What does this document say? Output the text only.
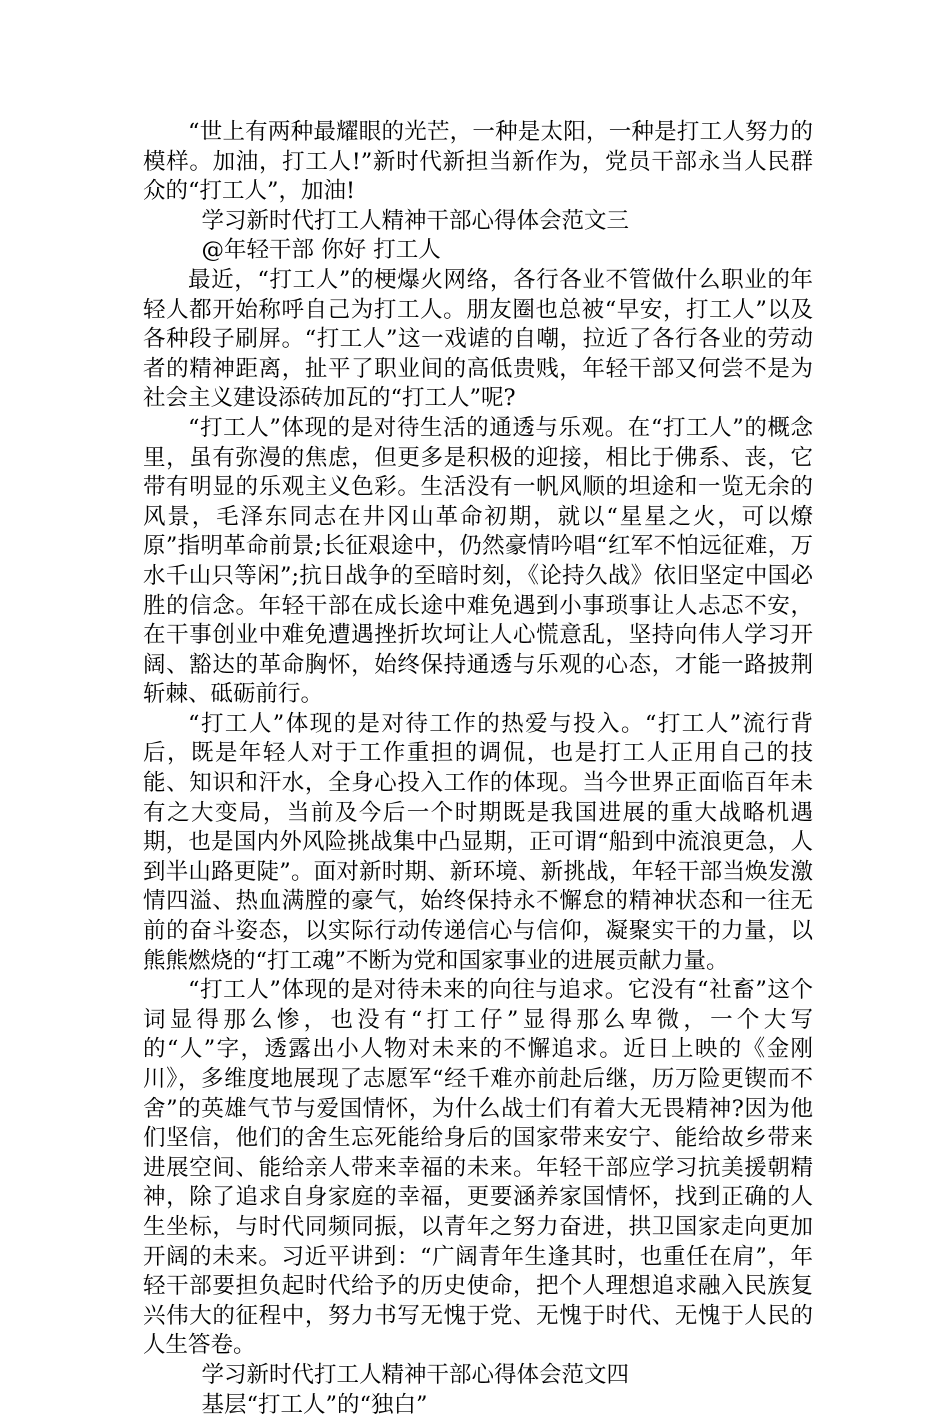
“世上有两种最耀眼的光芒，一种是太阳，一种是打工人努力的模样。加油，打工人!”新时代新担当新作为，党员干部永当人民群众的“打工人”，加油!

学习新时代打工人精神干部心得体会范文三

@年轻干部 你好 打工人

最近，“打工人”的梗爆火网络，各行各业不管做什么职业的年轻人都开始称呼自己为打工人。朋友圈也总被“早安，打工人”以及各种段子刷屏。“打工人”这一戏谑的自嘲，拉近了各行各业的劳动者的精神距离，扯平了职业间的高低贵贱，年轻干部又何尝不是为社会主义建设添砖加瓦的“打工人”呢?

“打工人”体现的是对待生活的通透与乐观。在“打工人”的概念里，虽有弥漫的焦虑，但更多是积极的迎接，相比于佛系、丧，它带有明显的乐观主义色彩。生活没有一帆风顺的坦途和一览无余的风景，毛泽东同志在井冈山革命初期，就以“星星之火，可以燎原”指明革命前景;长征艰途中，仍然豪情吟唱“红军不怕远征难，万水千山只等闲”;抗日战争的至暗时刻，《论持久战》依旧坚定中国必胜的信念。年轻干部在成长途中难免遇到小事琐事让人忐忑不安，在干事创业中难免遭遇挫折坎坷让人心慌意乱，坚持向伟人学习开阔、豁达的革命胸怀，始终保持通透与乐观的心态，才能一路披荆斩棘、砥砺前行。

“打工人”体现的是对待工作的热爱与投入。“打工人”流行背后，既是年轻人对于工作重担的调侃，也是打工人正用自己的技能、知识和汗水，全身心投入工作的体现。当今世界正面临百年未有之大变局，当前及今后一个时期既是我国进展的重大战略机遇期，也是国内外风险挑战集中凸显期，正可谓“船到中流浪更急，人到半山路更陡”。面对新时期、新环境、新挑战，年轻干部当焕发激情四溢、热血满膛的豪气，始终保持永不懈怠的精神状态和一往无前的奋斗姿态，以实际行动传递信心与信仰，凝聚实干的力量，以熊熊燃烧的“打工魂”不断为党和国家事业的进展贡献力量。

“打工人”体现的是对待未来的向往与追求。它没有“社畜”这个词显得那么惨，也没有“打工仔”显得那么卑微，一个大写的“人”字，透露出小人物对未来的不懈追求。近日上映的《金刚川》，多维度地展现了志愿军“经千难亦前赴后继，历万险更锲而不舍”的英雄气节与爱国情怀，为什么战士们有着大无畏精神?因为他们坚信，他们的舍生忘死能给身后的国家带来安宁、能给故乡带来进展空间、能给亲人带来幸福的未来。年轻干部应学习抗美援朝精神，除了追求自身家庭的幸福，更要涵养家国情怀，找到正确的人生坐标，与时代同频同振，以青年之努力奋进，拱卫国家走向更加开阔的未来。习近平讲到：“广阔青年生逢其时，也重任在肩”，年轻干部要担负起时代给予的历史使命，把个人理想追求融入民族复兴伟大的征程中，努力书写无愧于党、无愧于时代、无愧于人民的人生答卷。

学习新时代打工人精神干部心得体会范文四

基层“打工人”的“独白”
